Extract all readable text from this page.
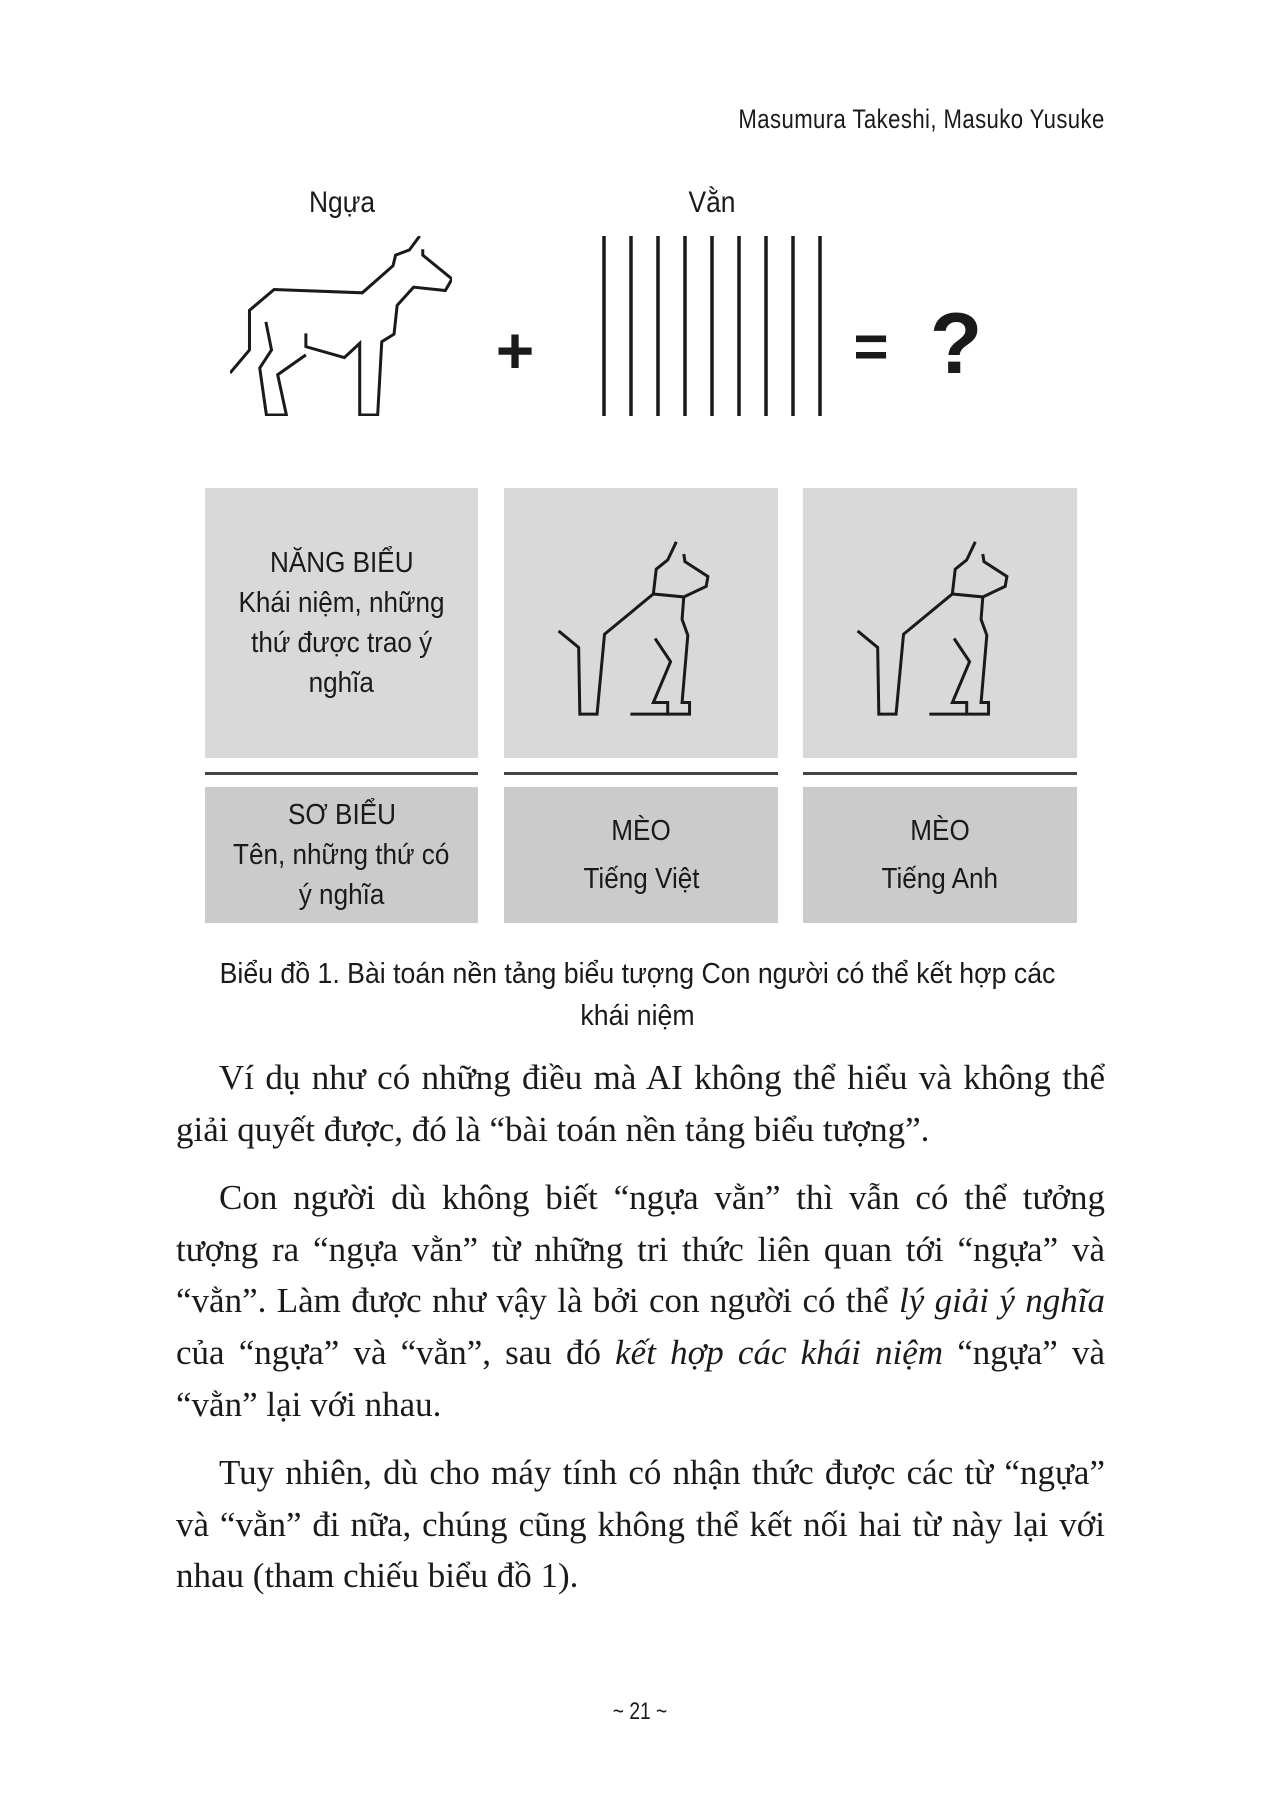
Masumura Takeshi, Masuko Yusuke
Ngựa	Vằn
+	= ?
NĂNG BIỂU
Khái niệm, những
thứ được trao ý
nghĩa
SƠ BIỂU
Tên, những thứ có
ý nghĩa
MÈO
Tiếng Việt
MÈO
Tiếng Anh
Biểu đồ 1. Bài toán nền tảng biểu tượng Con người có thể kết hợp các
khái niệm

Ví dụ như có những điều mà AI không thể hiểu và không thể giải quyết được, đó là “bài toán nền tảng biểu tượng”.

Con người dù không biết “ngựa vằn” thì vẫn có thể tưởng tượng ra “ngựa vằn” từ những tri thức liên quan tới “ngựa” và “vằn”. Làm được như vậy là bởi con người có thể lý giải ý nghĩa của “ngựa” và “vằn”, sau đó kết hợp các khái niệm “ngựa” và “vằn” lại với nhau.

Tuy nhiên, dù cho máy tính có nhận thức được các từ “ngựa” và “vằn” đi nữa, chúng cũng không thể kết nối hai từ này lại với nhau (tham chiếu biểu đồ 1).

~ 21 ~
